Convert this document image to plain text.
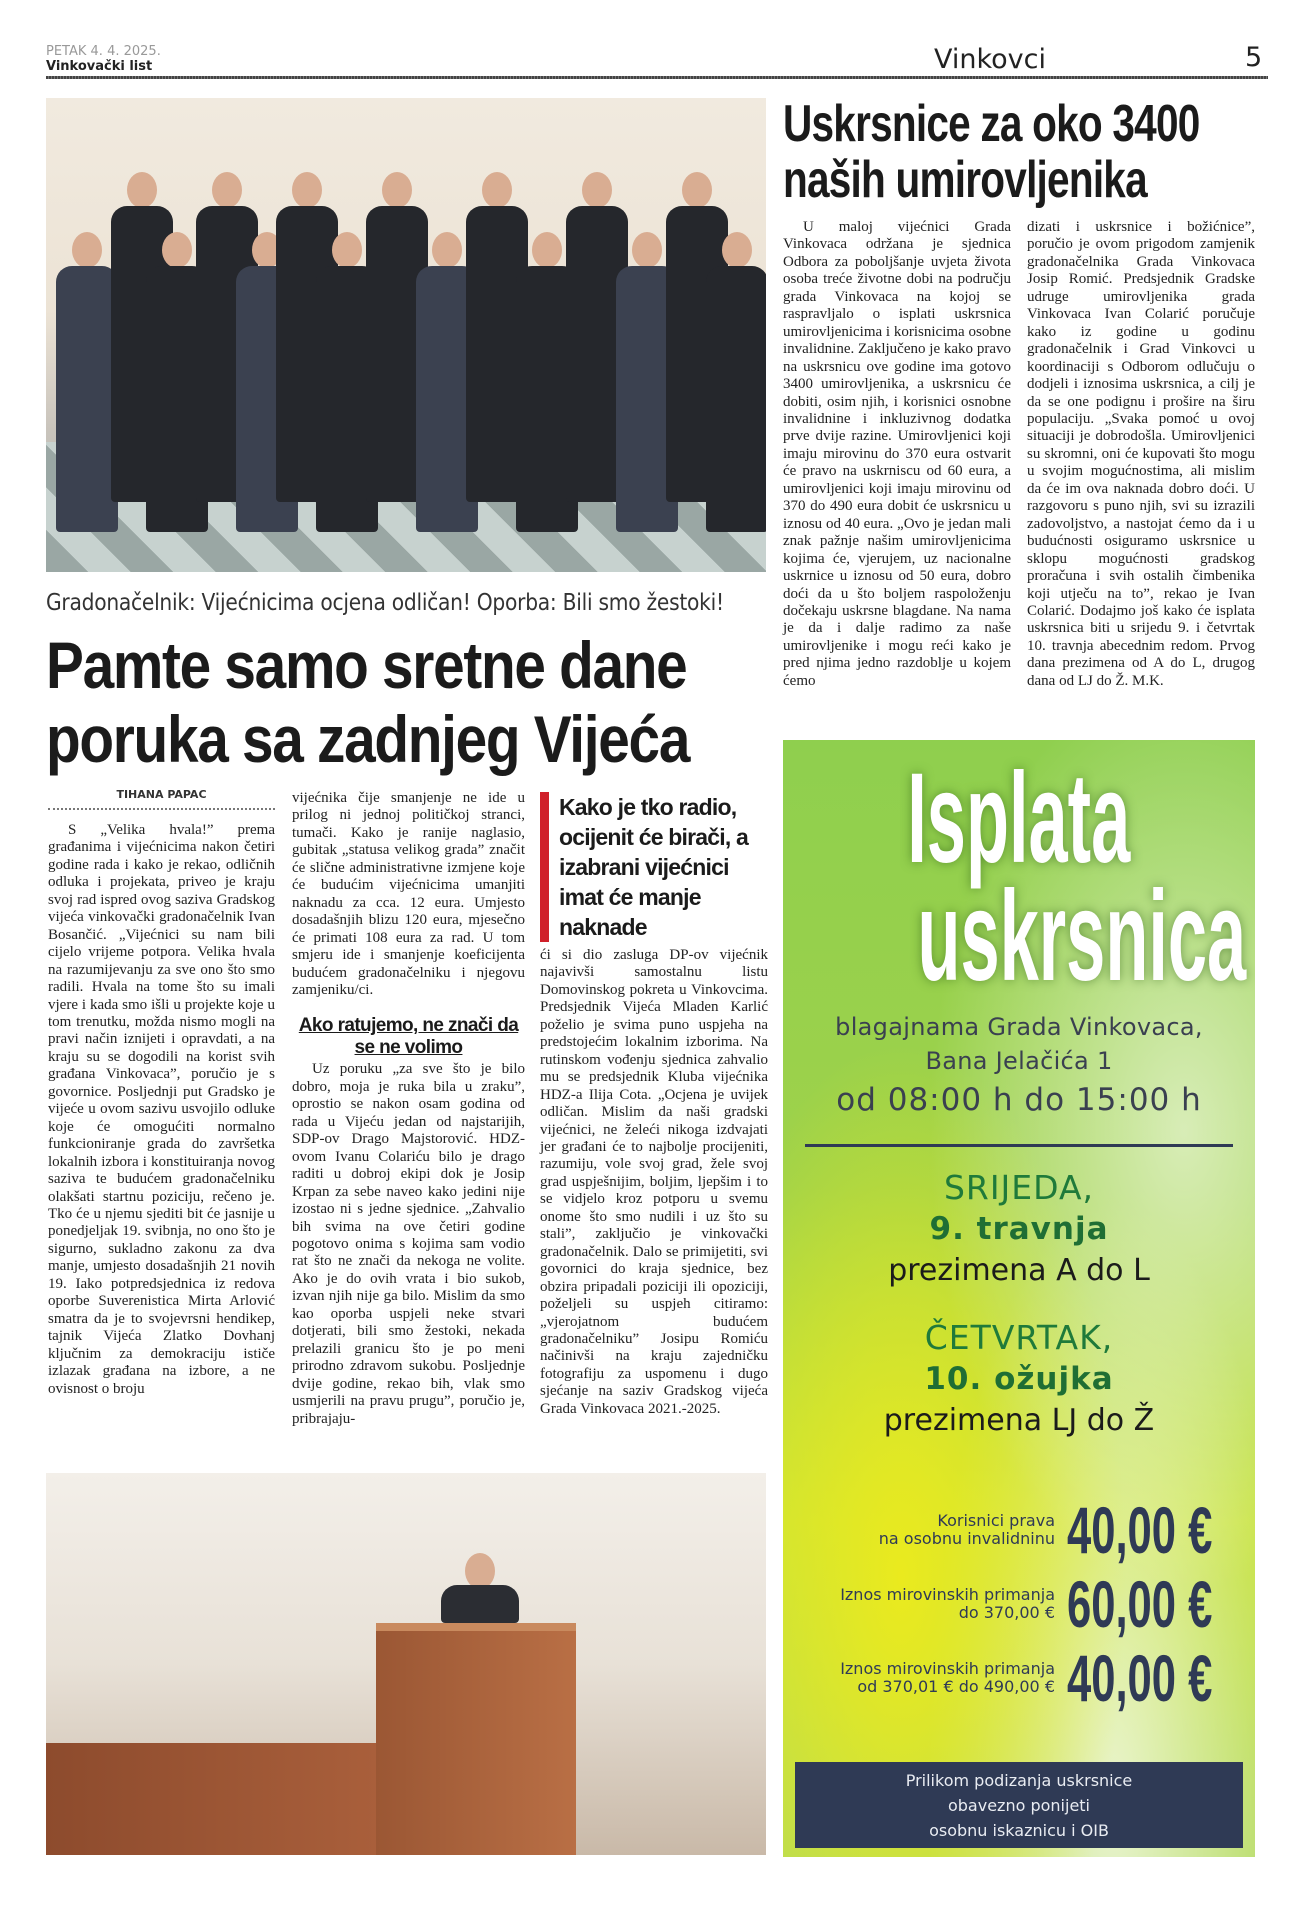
PETAK 4. 4. 2025.
Vinkovački list	Vinkovci	5
Gradonačelnik: Vijećnicima ocjena odličan! Oporba: Bili smo žestoki!
Pamte samo sretne dane
poruka sa zadnjeg Vijeća
TIHANA PAPAC
S „Velika hvala!” prema građanima i vijećnicima nakon četiri godine rada i kako je rekao, odličnih odluka i projekata, priveo je kraju svoj rad ispred ovog saziva Gradskog vijeća vinkovački gradonačelnik Ivan Bosančić. „Vijećnici su nam bili cijelo vrijeme potpora. Velika hvala na razumijevanju za sve ono što smo radili. Hvala na tome što su imali vjere i kada smo išli u projekte koje u tom trenutku, možda nismo mogli na pravi način iznijeti i opravdati, a na kraju su se dogodili na korist svih građana Vinkovaca”, poručio je s govornice. Posljednji put Gradsko je vijeće u ovom sazivu usvojilo odluke koje će omogućiti normalno funkcioniranje grada do završetka lokalnih izbora i konstituiranja novog saziva te budućem gradonačelniku olakšati startnu poziciju, rečeno je. Tko će u njemu sjediti bit će jasnije u ponedjeljak 19. svibnja, no ono što je sigurno, sukladno zakonu za dva manje, umjesto dosadašnjih 21 novih 19. Iako potpredsjednica iz redova oporbe Suverenistica Mirta Arlović smatra da je to svojevrsni hendikep, tajnik Vijeća Zlatko Dovhanj ključnim za demokraciju ističe izlazak građana na izbore, a ne ovisnost o broju

vijećnika čije smanjenje ne ide u prilog ni jednoj političkoj stranci, tumači. Kako je ranije naglasio, gubitak „statusa velikog grada” značit će slične administrativne izmjene koje će budućim vijećnicima umanjiti naknadu za cca. 12 eura. Umjesto dosadašnjih blizu 120 eura, mjesečno će primati 108 eura za rad. U tom smjeru ide i smanjenje koeficijenta budućem gradonačelniku i njegovu zamjeniku/ci.

Ako ratujemo, ne znači da se ne volimo

Uz poruku „za sve što je bilo dobro, moja je ruka bila u zraku”, oprostio se nakon osam godina od rada u Vijeću jedan od najstarijih, SDP-ov Drago Majstorović. HDZ-ovom Ivanu Colariću bilo je drago raditi u dobroj ekipi dok je Josip Krpan za sebe naveo kako jedini nije izostao ni s jedne sjednice. „Zahvalio bih svima na ove četiri godine pogotovo onima s kojima sam vodio rat što ne znači da nekoga ne volite. Ako je do ovih vrata i bio sukob, izvan njih nije ga bilo. Mislim da smo kao oporba uspjeli neke stvari dotjerati, bili smo žestoki, nekada prelazili granicu što je po meni prirodno zdravom sukobu. Posljednje dvije godine, rekao bih, vlak smo usmjerili na pravu prugu”, poručio je, pribrajaju-

Kako je tko radio, ocijenit će birači, a izabrani vijećnici imat će manje naknade
ći si dio zasluga DP-ov vijećnik najavivši samostalnu listu Domovinskog pokreta u Vinkovcima. Predsjednik Vijeća Mladen Karlić poželio je svima puno uspjeha na predstojećim lokalnim izborima. Na rutinskom vođenju sjednica zahvalio mu se predsjednik Kluba vijećnika HDZ-a Ilija Cota. „Ocjena je uvijek odličan. Mislim da naši gradski vijećnici, ne želeći nikoga izdvajati jer građani će to najbolje procijeniti, razumiju, vole svoj grad, žele svoj grad uspješnijim, boljim, ljepšim i to se vidjelo kroz potporu u svemu onome što smo nudili i uz što su stali”, zaključio je vinkovački gradonačelnik. Dalo se primijetiti, svi govornici do kraja sjednice, bez obzira pripadali poziciji ili opoziciji, poželjeli su uspjeh citiramo: „vjerojatnom budućem gradonačelniku” Josipu Romiću načinivši na kraju zajedničku fotografiju za uspomenu i dugo sjećanje na saziv Gradskog vijeća Grada Vinkovaca 2021.-2025.
Uskrsnice za oko 3400
naših umirovljenika
U maloj vijećnici Grada Vinkovaca održana je sjednica Odbora za poboljšanje uvjeta života osoba treće životne dobi na području grada Vinkovaca na kojoj se raspravljalo o isplati uskrsnica umirovljenicima i korisnicima osobne invalidnine. Zaključeno je kako pravo na uskrsnicu ove godine ima gotovo 3400 umirovljenika, a uskrsnicu će dobiti, osim njih, i korisnici osnobne invalidnine i inkluzivnog dodatka prve dvije razine. Umirovljenici koji imaju mirovinu do 370 eura ostvarit će pravo na uskrniscu od 60 eura, a umirovljenici koji imaju mirovinu od 370 do 490 eura dobit će uskrsnicu u iznosu od 40 eura. „Ovo je jedan mali znak pažnje našim umirovljenicima kojima će, vjerujem, uz nacionalne uskrnice u iznosu od 50 eura, dobro doći da u što boljem raspoloženju dočekaju uskrsne blagdane. Na nama je da i dalje radimo za naše umirovljenike i mogu reći kako je pred njima jedno razdoblje u kojem ćemo
dizati i uskrsnice i božićnice”, poručio je ovom prigodom zamjenik gradonačelnika Grada Vinkovaca Josip Romić. Predsjednik Gradske udruge umirovljenika grada Vinkovaca Ivan Colarić poručuje kako iz godine u godinu gradonačelnik i Grad Vinkovci u koordinaciji s Odborom odlučuju o dodjeli i iznosima uskrsnica, a cilj je da se one podignu i prošire na širu populaciju. „Svaka pomoć u ovoj situaciji je dobrodošla. Umirovljenici su skromni, oni će kupovati što mogu u svojim mogućnostima, ali mislim da će im ova naknada dobro doći. U razgovoru s puno njih, svi su izrazili zadovoljstvo, a nastojat ćemo da i u budućnosti osiguramo uskrsnice u sklopu mogućnosti gradskog proračuna i svih ostalih čimbenika koji utječu na to”, rekao je Ivan Colarić. Dodajmo još kako će isplata uskrsnica biti u srijedu 9. i četvrtak 10. travnja abecednim redom. Prvog dana prezimena od A do L, drugog dana od LJ do Ž. M.K.
Isplata
uskrsnica
blagajnama Grada Vinkovaca,
Bana Jelačića 1
od 08:00 h do 15:00 h
SRIJEDA,
9. travnja
prezimena A do L
ČETVRTAK,
10. ožujka
prezimena LJ do Ž
Korisnici prava
na osobnu invalidninu 40,00 €
Iznos mirovinskih primanja
do 370,00 € 60,00 €
Iznos mirovinskih primanja
od 370,01 € do 490,00 € 40,00 €
Prilikom podizanja uskrsnice
obavezno ponijeti
osobnu iskaznicu i OIB
